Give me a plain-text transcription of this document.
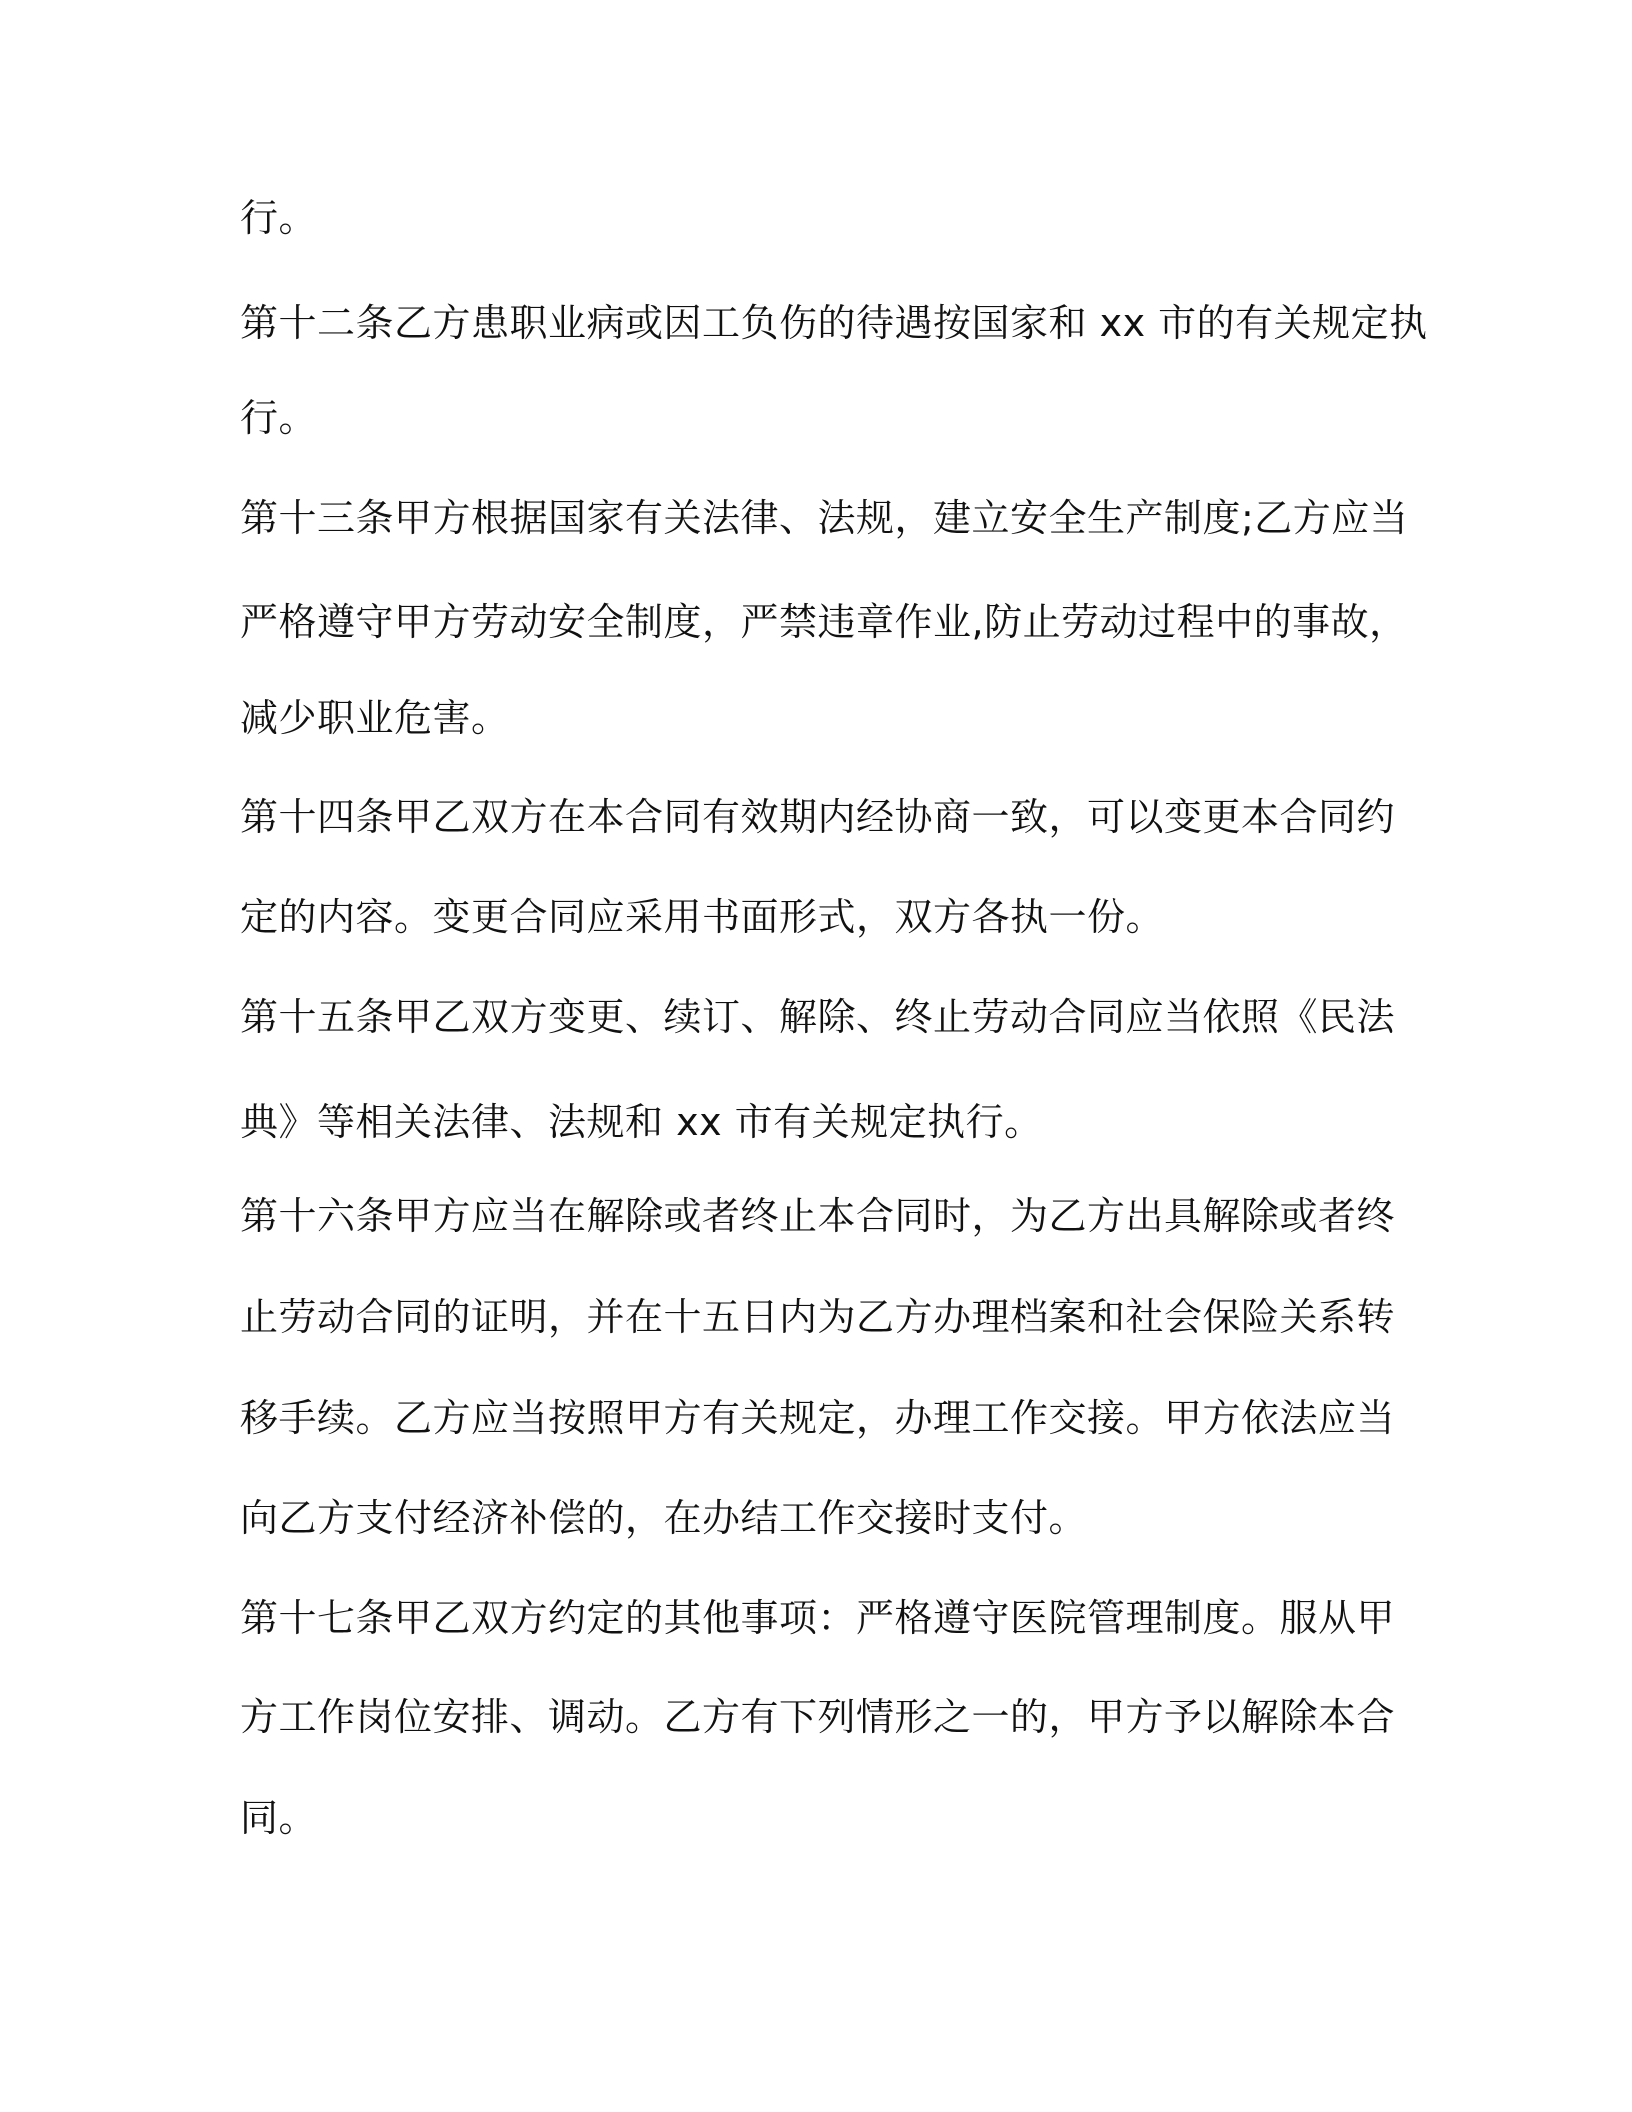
行。
第十二条乙方患职业病或因工负伤的待遇按国家和 xx 市的有关规定执
行。
第十三条甲方根据国家有关法律、法规，建立安全生产制度;乙方应当
严格遵守甲方劳动安全制度，严禁违章作业,防止劳动过程中的事故，
减少职业危害。
第十四条甲乙双方在本合同有效期内经协商一致，可以变更本合同约
定的内容。变更合同应采用书面形式，双方各执一份。
第十五条甲乙双方变更、续订、解除、终止劳动合同应当依照《民法
典》等相关法律、法规和 xx 市有关规定执行。
第十六条甲方应当在解除或者终止本合同时，为乙方出具解除或者终
止劳动合同的证明，并在十五日内为乙方办理档案和社会保险关系转
移手续。乙方应当按照甲方有关规定，办理工作交接。甲方依法应当
向乙方支付经济补偿的，在办结工作交接时支付。
第十七条甲乙双方约定的其他事项：严格遵守医院管理制度。服从甲
方工作岗位安排、调动。乙方有下列情形之一的，甲方予以解除本合
同。
